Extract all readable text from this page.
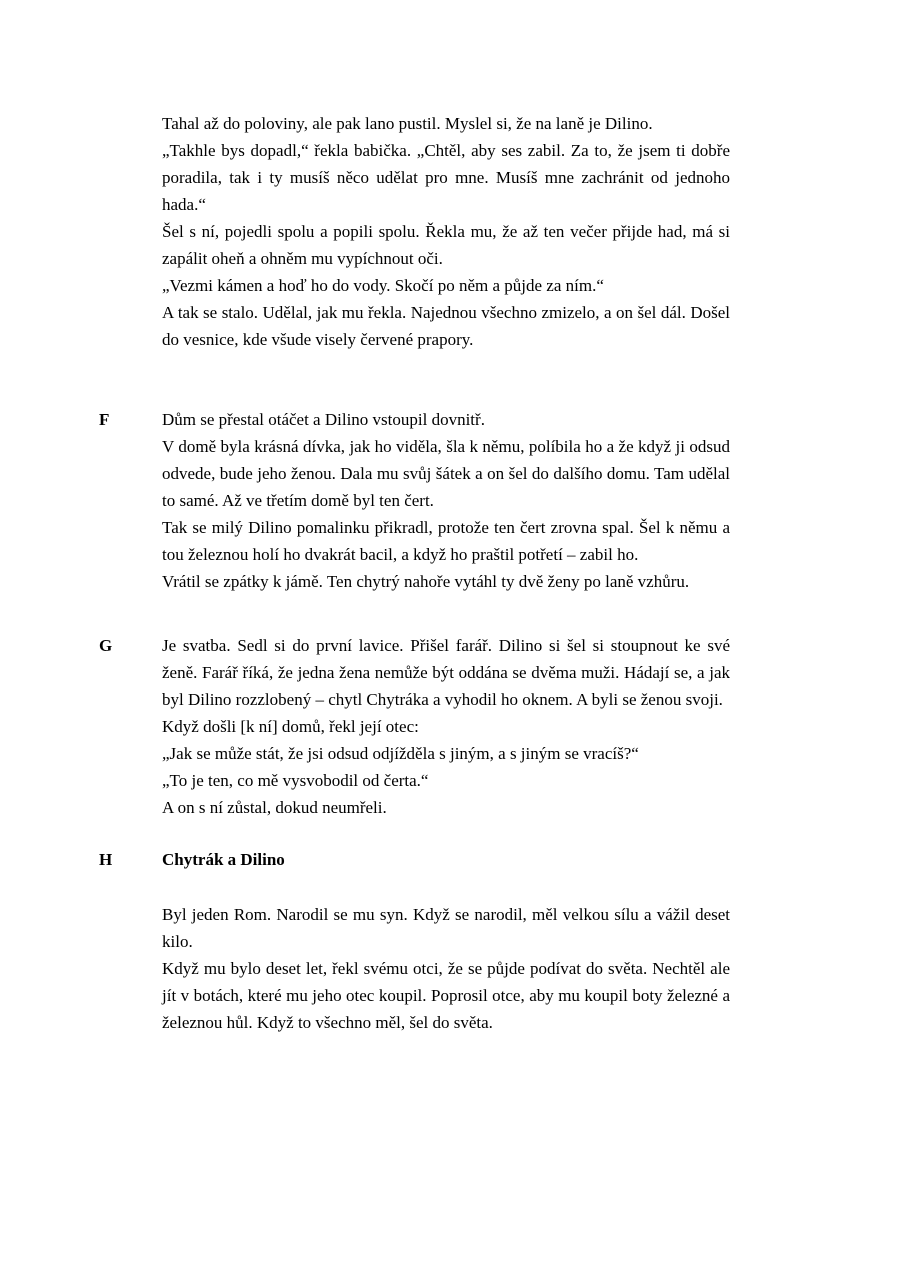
Tahal až do poloviny, ale pak lano pustil. Myslel si, že na laně je Dilino.

„Takhle bys dopadl,“ řekla babička. „Chtěl, aby ses zabil. Za to, že jsem ti dobře poradila, tak i ty musíš něco udělat pro mne. Musíš mne zachránit od jednoho hada.“

Šel s ní, pojedli spolu a popili spolu. Řekla mu, že až ten večer přijde had, má si zapálit oheň a ohněm mu vypíchnout oči.

„Vezmi kámen a hoď ho do vody. Skočí po něm a půjde za ním.“

A tak se stalo. Udělal, jak mu řekla. Najednou všechno zmizelo, a on šel dál. Došel do vesnice, kde všude visely červené prapory.

F	Dům se přestal otáčet a Dilino vstoupil dovnitř.

V domě byla krásná dívka, jak ho viděla, šla k němu, políbila ho a že když ji odsud odvede, bude jeho ženou. Dala mu svůj šátek a on šel do dalšího domu. Tam udělal to samé. Až ve třetím domě byl ten čert.

Tak se milý Dilino pomalinku přikradl, protože ten čert zrovna spal. Šel k němu a tou železnou holí ho dvakrát bacil, a když ho praštil potřetí – zabil ho.

Vrátil se zpátky k jámě. Ten chytrý nahoře vytáhl ty dvě ženy po laně vzhůru.

G	Je svatba. Sedl si do první lavice. Přišel farář. Dilino si šel si stoupnout ke své ženě. Farář říká, že jedna žena nemůže být oddána se dvěma muži. Hádají se, a jak byl Dilino rozzlobený – chytl Chytráka a vyhodil ho oknem. A byli se ženou svoji.

Když došli [k ní] domů, řekl její otec:

„Jak se může stát, že jsi odsud odjížděla s jiným, a s jiným se vracíš?“

„To je ten, co mě vysvobodil od čerta.“

A on s ní zůstal, dokud neumřeli.

H	Chytrák a Dilino

Byl jeden Rom. Narodil se mu syn. Když se narodil, měl velkou sílu a vážil deset kilo.

Když mu bylo deset let, řekl svému otci, že se půjde podívat do světa. Nechtěl ale jít v botách, které mu jeho otec koupil. Poprosil otce, aby mu koupil boty železné a železnou hůl. Když to všechno měl, šel do světa.
